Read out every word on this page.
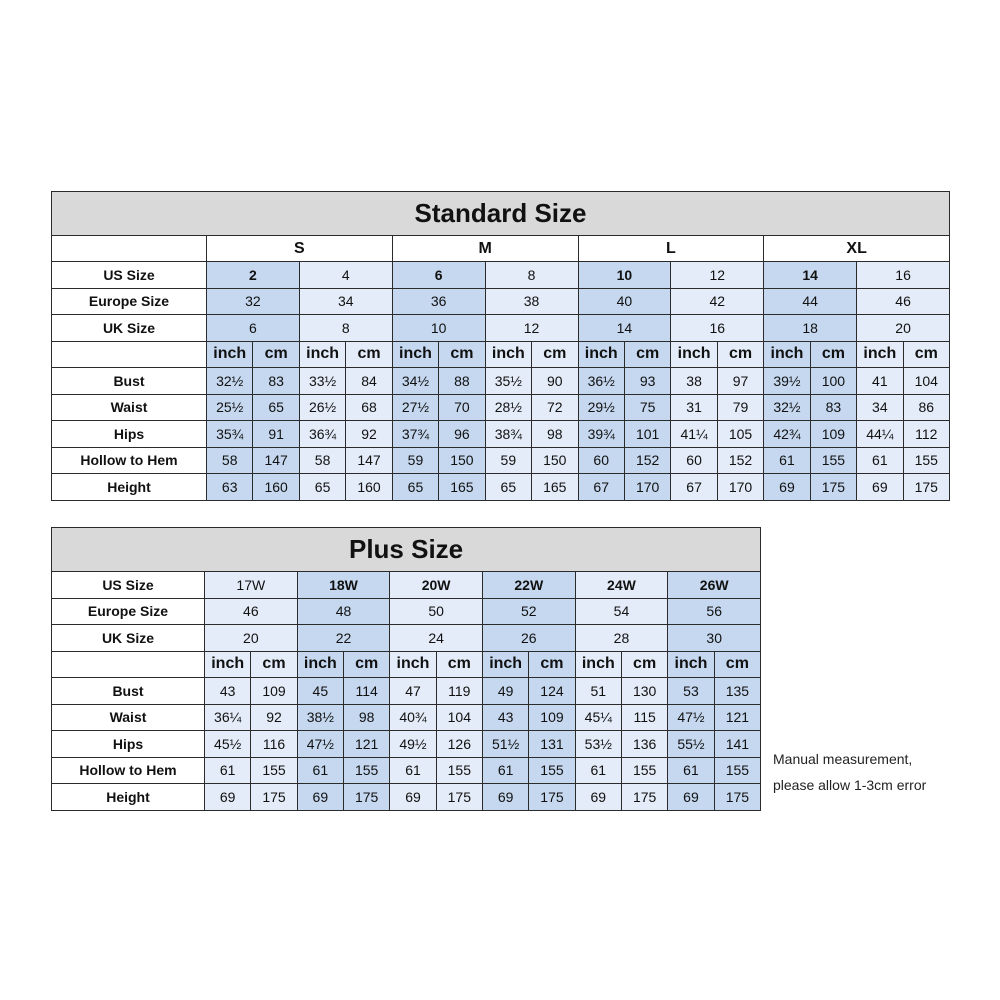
Standard Size																
	S				M				L				XL			
US Size	2		4		6		8		10		12		14		16	
Europe Size	32		34		36		38		40		42		44		46	
UK Size	6		8		10		12		14		16		18		20	
	inch	cm	inch	cm	inch	cm	inch	cm	inch	cm	inch	cm	inch	cm	inch	cm
Bust	32½	83	33½	84	34½	88	35½	90	36½	93	38	97	39½	100	41	104
Waist	25½	65	26½	68	27½	70	28½	72	29½	75	31	79	32½	83	34	86
Hips	35¾	91	36¾	92	37¾	96	38¾	98	39¾	101	41¼	105	42¾	109	44¼	112
Hollow to Hem	58	147	58	147	59	150	59	150	60	152	60	152	61	155	61	155
Height	63	160	65	160	65	165	65	165	67	170	67	170	69	175	69	175
Plus Size												
US Size	17W		18W		20W		22W		24W		26W	
Europe Size	46		48		50		52		54		56	
UK Size	20		22		24		26		28		30	
	inch	cm	inch	cm	inch	cm	inch	cm	inch	cm	inch	cm
Bust	43	109	45	114	47	119	49	124	51	130	53	135
Waist	36¼	92	38½	98	40¾	104	43	109	45¼	115	47½	121
Hips	45½	116	47½	121	49½	126	51½	131	53½	136	55½	141
Hollow to Hem	61	155	61	155	61	155	61	155	61	155	61	155
Height	69	175	69	175	69	175	69	175	69	175	69	175
Manual measurement,
please allow 1-3cm error
